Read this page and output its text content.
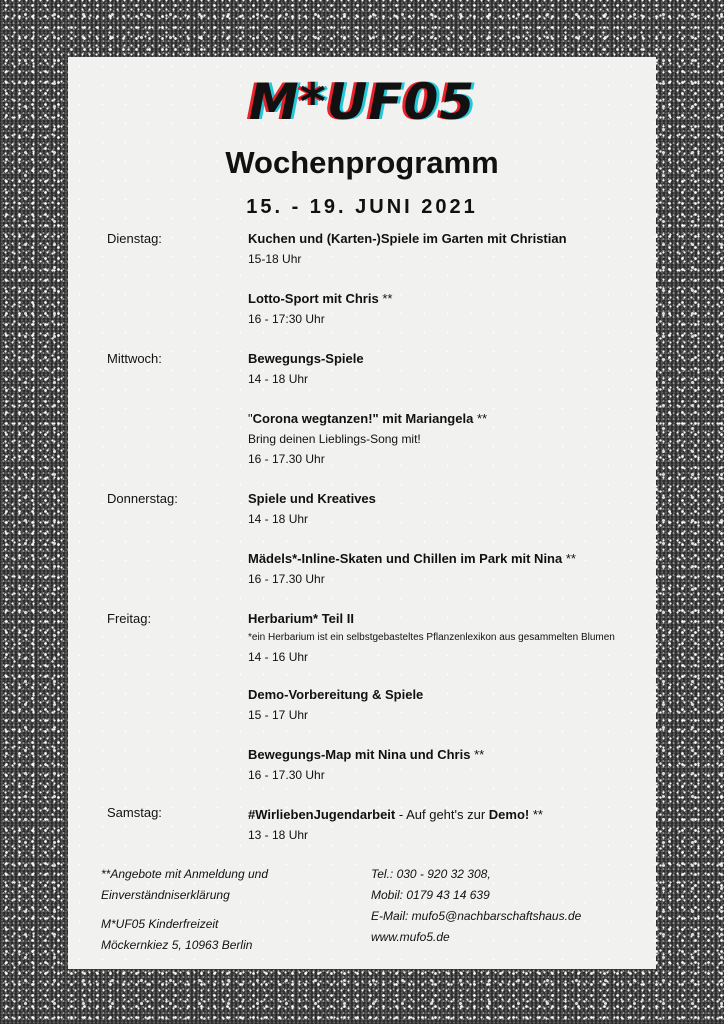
M*UF05
Wochenprogramm
15. - 19. JUNI 2021
Dienstag:
Mittwoch:
Donnerstag:
Freitag:
Samstag:
Kuchen und (Karten-)Spiele im Garten mit Christian
15-18 Uhr
Lotto-Sport mit Chris **
16 - 17:30 Uhr
Bewegungs-Spiele
14 - 18 Uhr
"Corona wegtanzen!" mit Mariangela **
Bring deinen Lieblings-Song mit!
16 - 17.30 Uhr
Spiele und Kreatives
14 - 18 Uhr
Mädels*-Inline-Skaten und Chillen im Park mit Nina **
16 - 17.30 Uhr
Herbarium* Teil II
*ein Herbarium ist ein selbstgebasteltes Pflanzenlexikon aus gesammelten Blumen
14 - 16 Uhr
Demo-Vorbereitung & Spiele
15 - 17 Uhr
Bewegungs-Map mit Nina und Chris **
16 - 17.30 Uhr
#WirliebenJugendarbeit - Auf geht's zur Demo! **
13 - 18 Uhr
**Angebote mit Anmeldung und
Einverständniserklärung
M*UF05 Kinderfreizeit
Möckernkiez 5, 10963 Berlin
Tel.: 030 - 920 32 308,
Mobil: 0179 43 14 639
E-Mail: mufo5@nachbarschaftshaus.de
www.mufo5.de
